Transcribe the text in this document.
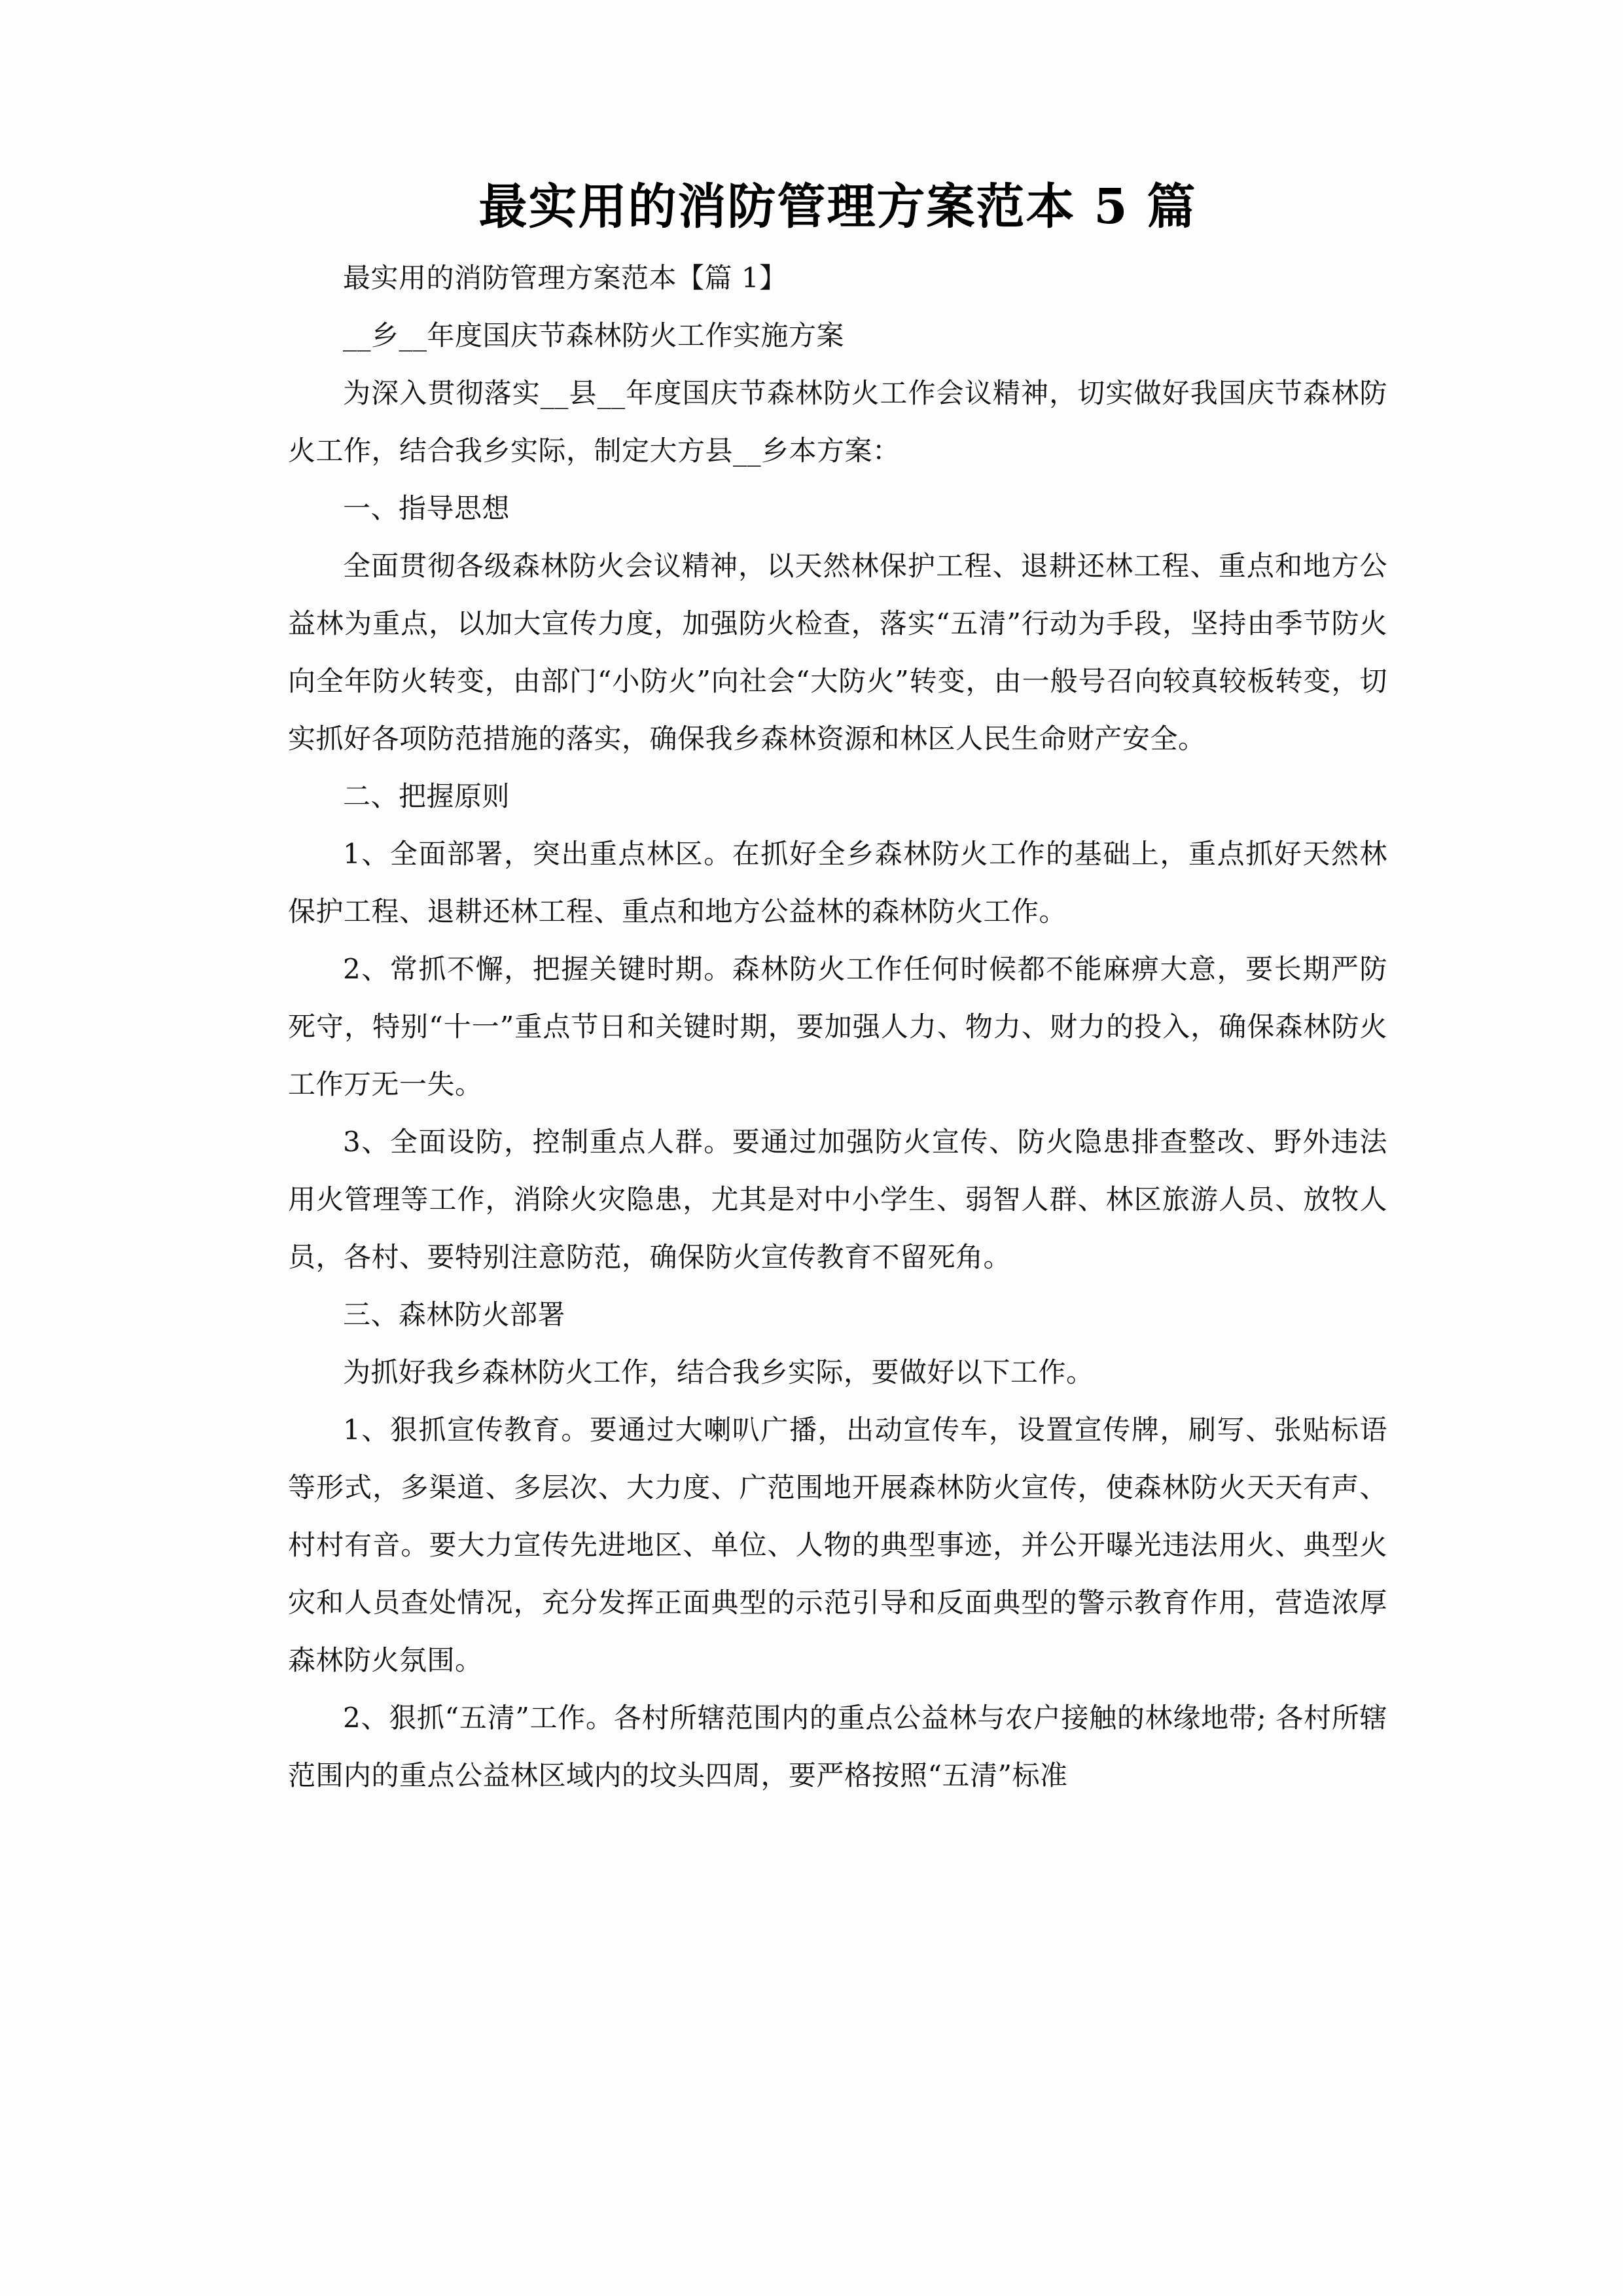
最实用的消防管理方案范本 5 篇

最实用的消防管理方案范本【篇 1】

__乡__年度国庆节森林防火工作实施方案

为深入贯彻落实__县__年度国庆节森林防火工作会议精神，切实做好我国庆节森林防火工作，结合我乡实际，制定大方县__乡本方案：

一、指导思想

全面贯彻各级森林防火会议精神，以天然林保护工程、退耕还林工程、重点和地方公益林为重点，以加大宣传力度，加强防火检查，落实“五清”行动为手段，坚持由季节防火向全年防火转变，由部门“小防火”向社会“大防火”转变，由一般号召向较真较板转变，切实抓好各项防范措施的落实，确保我乡森林资源和林区人民生命财产安全。

二、把握原则

1、全面部署，突出重点林区。在抓好全乡森林防火工作的基础上，重点抓好天然林保护工程、退耕还林工程、重点和地方公益林的森林防火工作。

2、常抓不懈，把握关键时期。森林防火工作任何时候都不能麻痹大意，要长期严防死守，特别“十一”重点节日和关键时期，要加强人力、物力、财力的投入，确保森林防火工作万无一失。

3、全面设防，控制重点人群。要通过加强防火宣传、防火隐患排查整改、野外违法用火管理等工作，消除火灾隐患，尤其是对中小学生、弱智人群、林区旅游人员、放牧人员，各村、要特别注意防范，确保防火宣传教育不留死角。

三、森林防火部署

为抓好我乡森林防火工作，结合我乡实际，要做好以下工作。

1、狠抓宣传教育。要通过大喇叭广播，出动宣传车，设置宣传牌，刷写、张贴标语等形式，多渠道、多层次、大力度、广范围地开展森林防火宣传，使森林防火天天有声、村村有音。要大力宣传先进地区、单位、人物的典型事迹，并公开曝光违法用火、典型火灾和人员查处情况，充分发挥正面典型的示范引导和反面典型的警示教育作用，营造浓厚森林防火氛围。

2、狠抓“五清”工作。各村所辖范围内的重点公益林与农户接触的林缘地带; 各村所辖范围内的重点公益林区域内的坟头四周，要严格按照“五清”标准
